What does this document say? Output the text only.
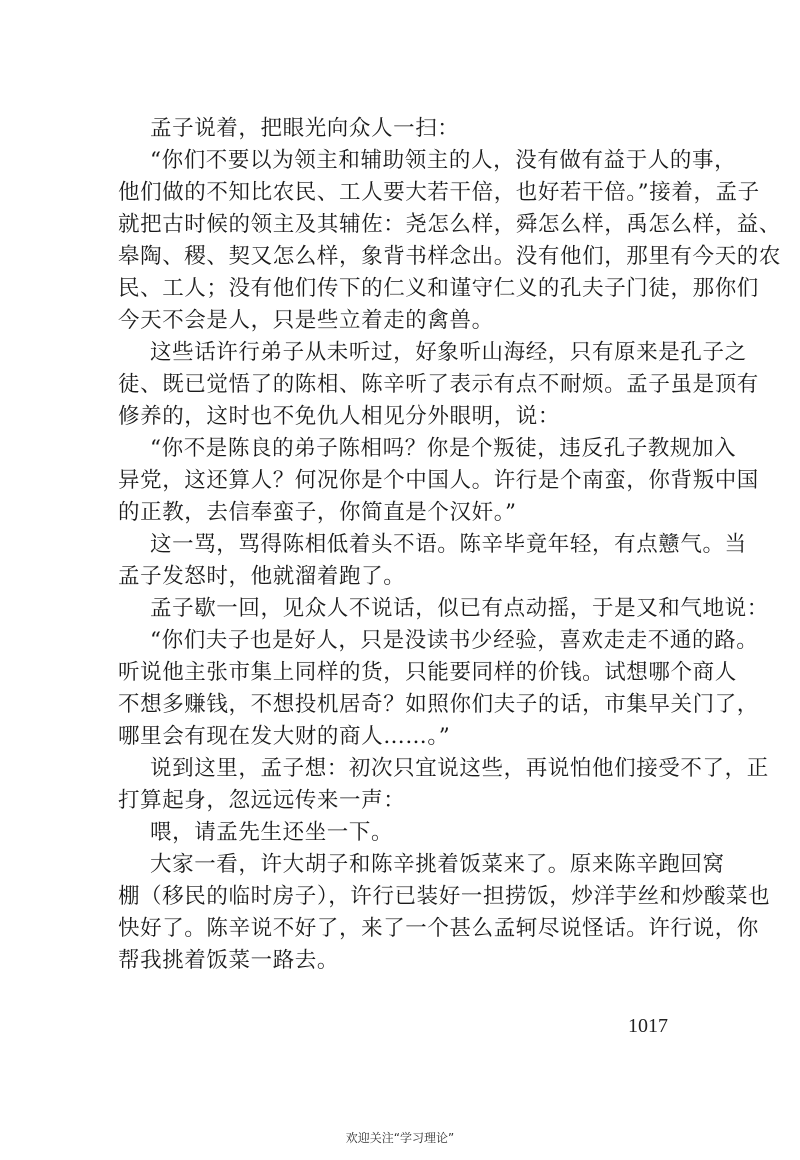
孟子说着，把眼光向众人一扫：
“你们不要以为领主和辅助领主的人，没有做有益于人的事，
他们做的不知比农民、工人要大若干倍，也好若干倍。”接着，孟子
就把古时候的领主及其辅佐：尧怎么样，舜怎么样，禹怎么样，益、
皋陶、稷、契又怎么样，象背书样念出。没有他们，那里有今天的农
民、工人；没有他们传下的仁义和谨守仁义的孔夫子门徒，那你们
今天不会是人，只是些立着走的禽兽。
这些话许行弟子从未听过，好象听山海经，只有原来是孔子之
徒、既已觉悟了的陈相、陈辛听了表示有点不耐烦。孟子虽是顶有
修养的，这时也不免仇人相见分外眼明，说：
“你不是陈良的弟子陈相吗？你是个叛徒，违反孔子教规加入
异党，这还算人？何况你是个中国人。许行是个南蛮，你背叛中国
的正教，去信奉蛮子，你简直是个汉奸。”
这一骂，骂得陈相低着头不语。陈辛毕竟年轻，有点戆气。当
孟子发怒时，他就溜着跑了。
孟子歇一回，见众人不说话，似已有点动摇，于是又和气地说：
“你们夫子也是好人，只是没读书少经验，喜欢走走不通的路。
听说他主张市集上同样的货，只能要同样的价钱。试想哪个商人
不想多赚钱，不想投机居奇？如照你们夫子的话，市集早关门了，
哪里会有现在发大财的商人……。”
说到这里，孟子想：初次只宜说这些，再说怕他们接受不了，正
打算起身，忽远远传来一声：
喂，请孟先生还坐一下。
大家一看，许大胡子和陈辛挑着饭菜来了。原来陈辛跑回窝
棚（移民的临时房子），许行已装好一担捞饭，炒洋芋丝和炒酸菜也
快好了。陈辛说不好了，来了一个甚么孟轲尽说怪话。许行说，你
帮我挑着饭菜一路去。
1017
欢迎关注“学习理论”
